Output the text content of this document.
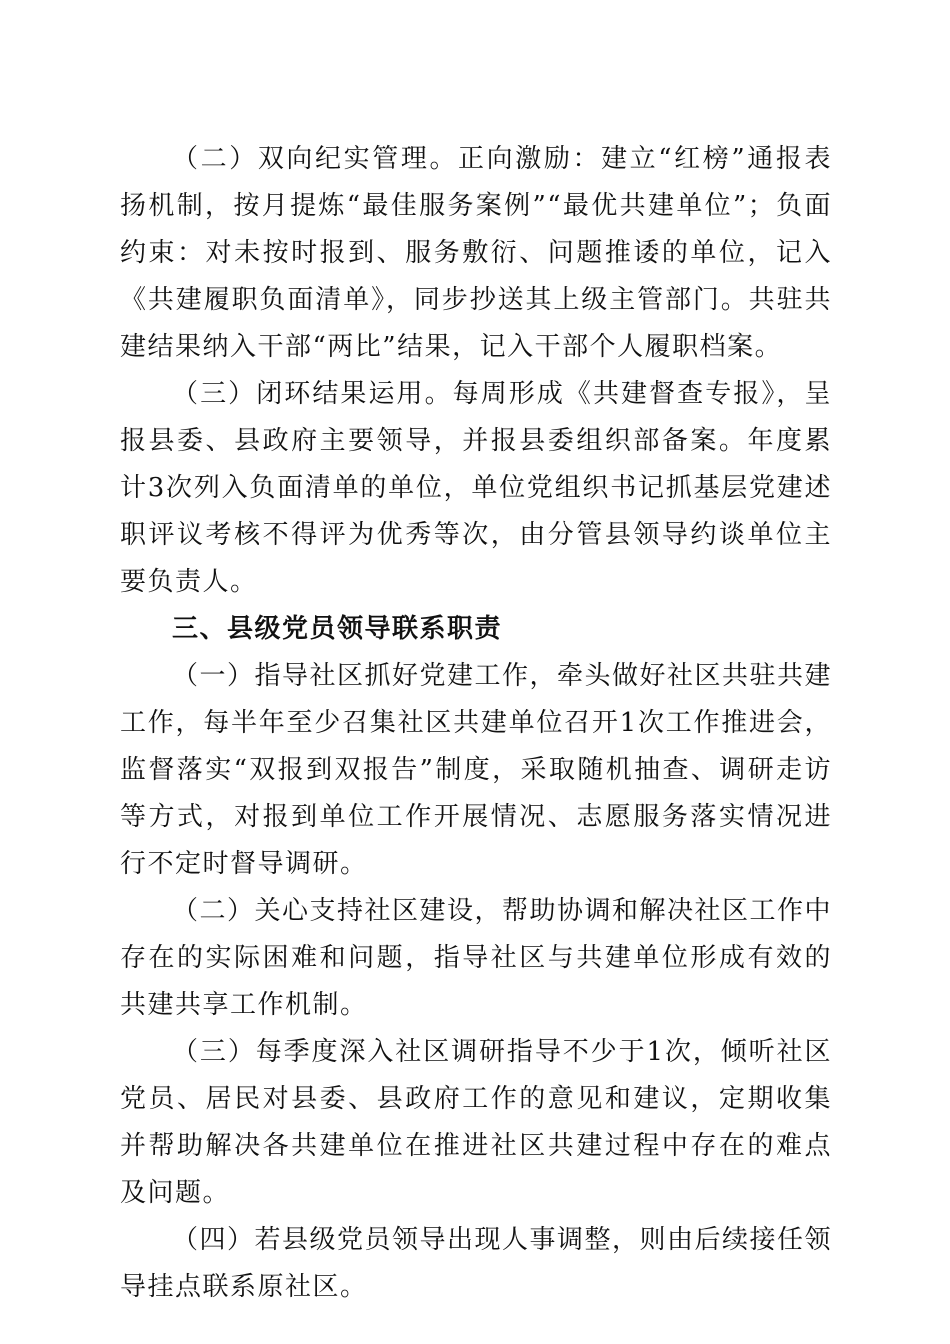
（二）双向纪实管理。正向激励：建立“红榜”通报表扬机制，按月提炼“最佳服务案例”“最优共建单位”；负面约束：对未按时报到、服务敷衍、问题推诿的单位，记入《共建履职负面清单》，同步抄送其上级主管部门。共驻共建结果纳入干部“两比”结果，记入干部个人履职档案。

（三）闭环结果运用。每周形成《共建督查专报》，呈报县委、县政府主要领导，并报县委组织部备案。年度累计3次列入负面清单的单位，单位党组织书记抓基层党建述职评议考核不得评为优秀等次，由分管县领导约谈单位主要负责人。

三、县级党员领导联系职责

（一）指导社区抓好党建工作，牵头做好社区共驻共建工作，每半年至少召集社区共建单位召开1次工作推进会，监督落实“双报到双报告”制度，采取随机抽查、调研走访等方式，对报到单位工作开展情况、志愿服务落实情况进行不定时督导调研。

（二）关心支持社区建设，帮助协调和解决社区工作中存在的实际困难和问题，指导社区与共建单位形成有效的共建共享工作机制。

（三）每季度深入社区调研指导不少于1次，倾听社区党员、居民对县委、县政府工作的意见和建议，定期收集并帮助解决各共建单位在推进社区共建过程中存在的难点及问题。

（四）若县级党员领导出现人事调整，则由后续接任领导挂点联系原社区。
